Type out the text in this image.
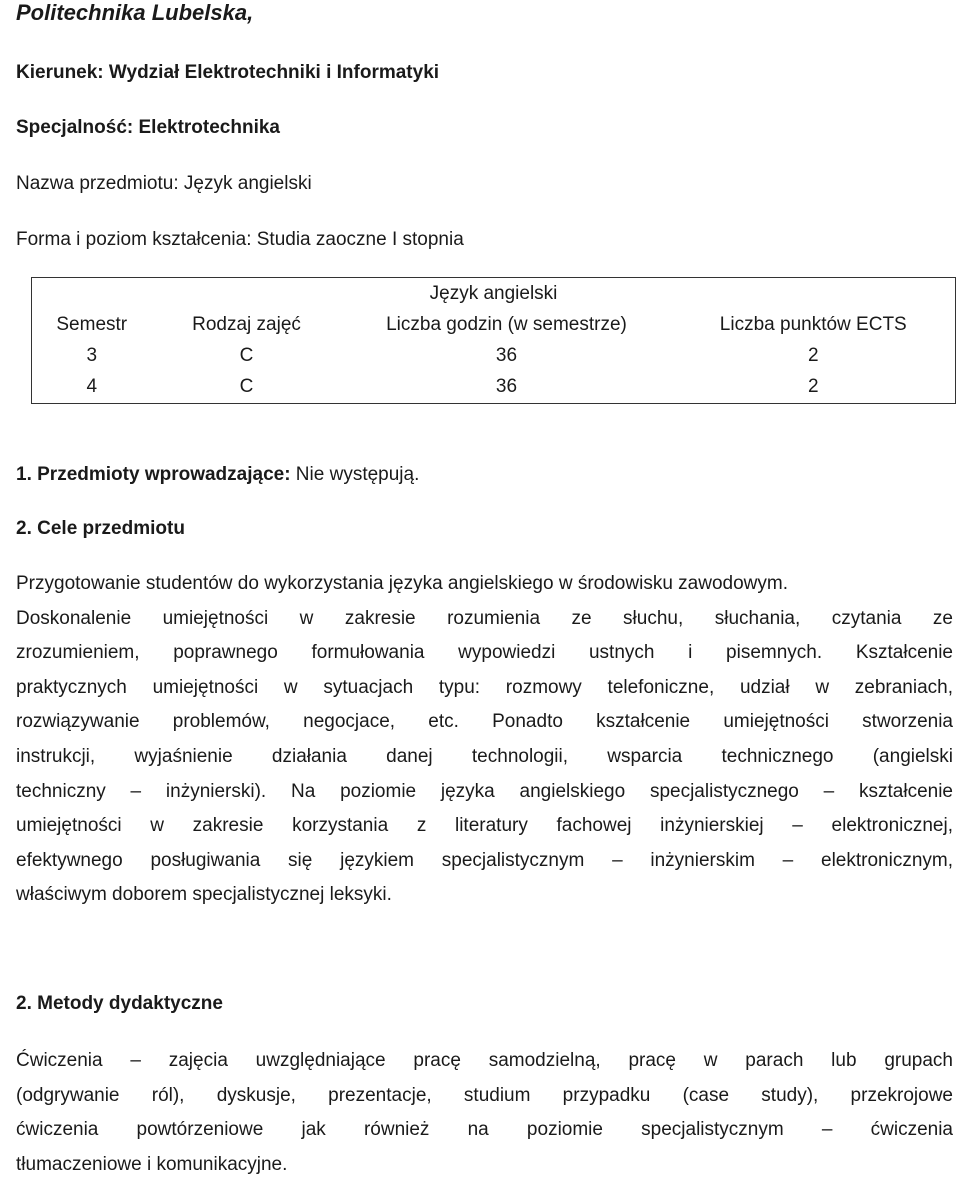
Politechnika Lubelska,
Kierunek: Wydział Elektrotechniki i Informatyki
Specjalność: Elektrotechnika
Nazwa przedmiotu: Język angielski
Forma i poziom kształcenia: Studia zaoczne I stopnia
Język angielski			
Semestr	Rodzaj zajęć	Liczba godzin (w semestrze)	Liczba punktów ECTS
3	C	36	2
4	C	36	2
1. Przedmioty wprowadzające: Nie występują.
2. Cele przedmiotu
Przygotowanie studentów do wykorzystania języka angielskiego w środowisku zawodowym.
Doskonalenie umiejętności w zakresie rozumienia ze słuchu, słuchania, czytania ze
zrozumieniem, poprawnego formułowania wypowiedzi ustnych i pisemnych. Kształcenie
praktycznych umiejętności w sytuacjach typu: rozmowy telefoniczne, udział w zebraniach,
rozwiązywanie problemów, negocjace, etc. Ponadto kształcenie umiejętności stworzenia
instrukcji, wyjaśnienie działania danej technologii, wsparcia technicznego (angielski
techniczny – inżynierski). Na poziomie języka angielskiego specjalistycznego – kształcenie
umiejętności w zakresie korzystania z literatury fachowej inżynierskiej – elektronicznej,
efektywnego posługiwania się językiem specjalistycznym – inżynierskim – elektronicznym,
właściwym doborem specjalistycznej leksyki.
2. Metody dydaktyczne
Ćwiczenia – zajęcia uwzględniające pracę samodzielną, pracę w parach lub grupach
(odgrywanie ról), dyskusje, prezentacje, studium przypadku (case study), przekrojowe
ćwiczenia powtórzeniowe jak również na poziomie specjalistycznym – ćwiczenia
tłumaczeniowe i komunikacyjne.
